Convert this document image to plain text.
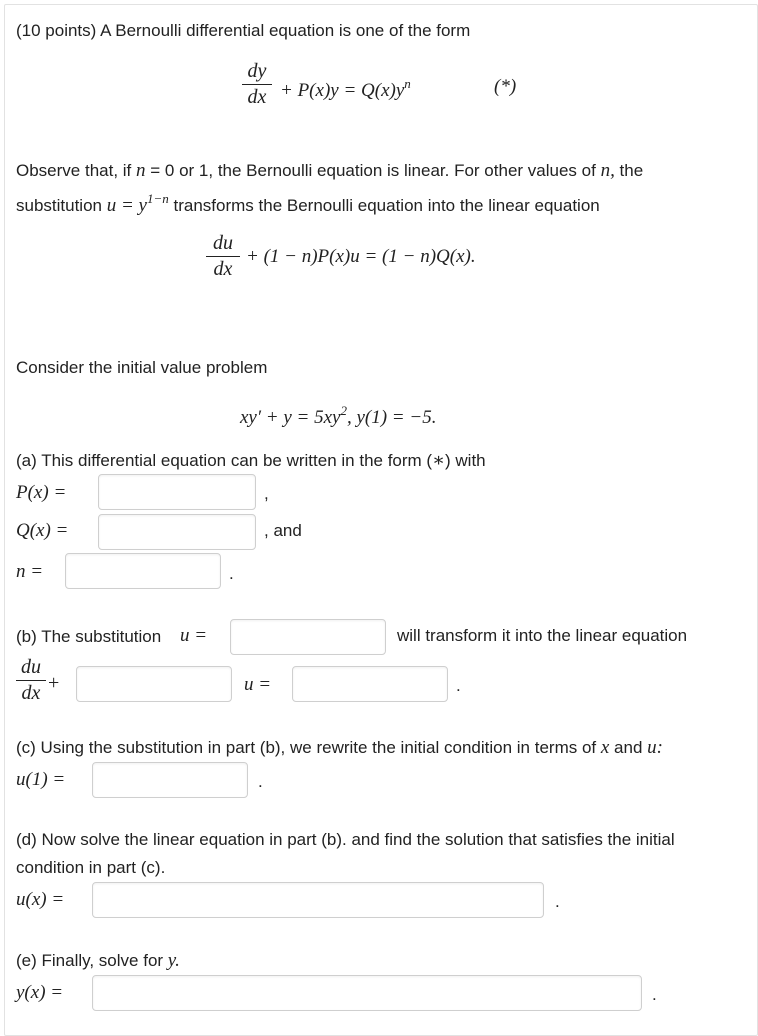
(10 points) A Bernoulli differential equation is one of the form
dy
dx + $P(x)y = Q(x)y^n$	(*)
Observe that, if n = 0 or 1, the Bernoulli equation is linear. For other values of n, the
substitution $u = y^{1-n}$ transforms the Bernoulli equation into the linear equation
du
dx
+ (1 − n)P(x)u = (1 − n)Q(x).
Consider the initial value problem
$xy' + y = 5xy^2$, y(1) = −5.
(a) This differential equation can be written in the form (∗) with
P(x) =	,
Q(x) =	, and
n =	.
(b) The substitution u =	will transform it into the linear equation
du
dx +	u =	.
(c) Using the substitution in part (b), we rewrite the initial condition in terms of x and u:
u(1) =	.
(d) Now solve the linear equation in part (b). and find the solution that satisfies the initial
condition in part (c).
u(x) =	.
(e) Finally, solve for y.
y(x) =	.
